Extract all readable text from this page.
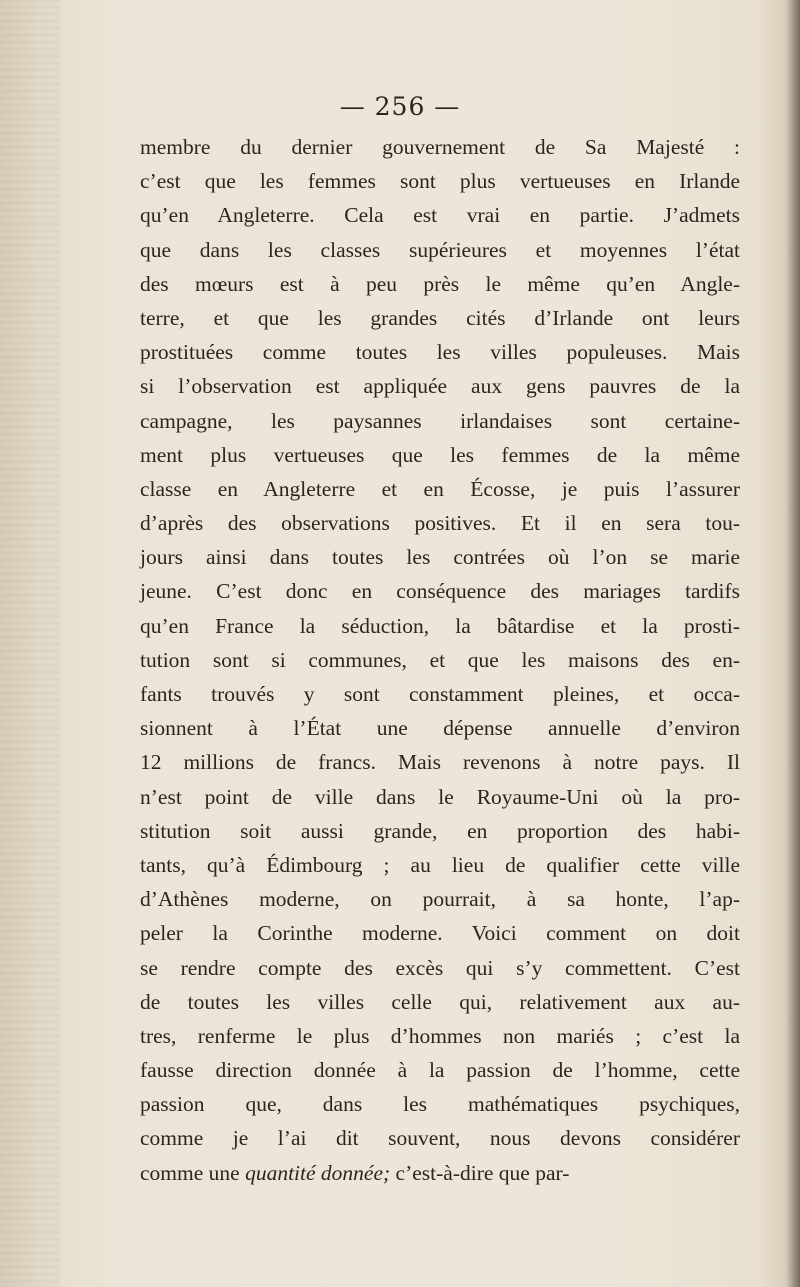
— 256 —
membre du dernier gouvernement de Sa Majesté :
c’est que les femmes sont plus vertueuses en Irlande
qu’en Angleterre. Cela est vrai en partie. J’admets
que dans les classes supérieures et moyennes l’état
des mœurs est à peu près le même qu’en Angle-
terre, et que les grandes cités d’Irlande ont leurs
prostituées comme toutes les villes populeuses. Mais
si l’observation est appliquée aux gens pauvres de la
campagne, les paysannes irlandaises sont certaine-
ment plus vertueuses que les femmes de la même
classe en Angleterre et en Écosse, je puis l’assurer
d’après des observations positives. Et il en sera tou-
jours ainsi dans toutes les contrées où l’on se marie
jeune. C’est donc en conséquence des mariages tardifs
qu’en France la séduction, la bâtardise et la prosti-
tution sont si communes, et que les maisons des en-
fants trouvés y sont constamment pleines, et occa-
sionnent à l’État une dépense annuelle d’environ
12 millions de francs. Mais revenons à notre pays. Il
n’est point de ville dans le Royaume-Uni où la pro-
stitution soit aussi grande, en proportion des habi-
tants, qu’à Édimbourg ; au lieu de qualifier cette ville
d’Athènes moderne, on pourrait, à sa honte, l’ap-
peler la Corinthe moderne. Voici comment on doit
se rendre compte des excès qui s’y commettent. C’est
de toutes les villes celle qui, relativement aux au-
tres, renferme le plus d’hommes non mariés ; c’est la
fausse direction donnée à la passion de l’homme, cette
passion que, dans les mathématiques psychiques,
comme je l’ai dit souvent, nous devons considérer
comme une quantité donnée; c’est-à-dire que par-
